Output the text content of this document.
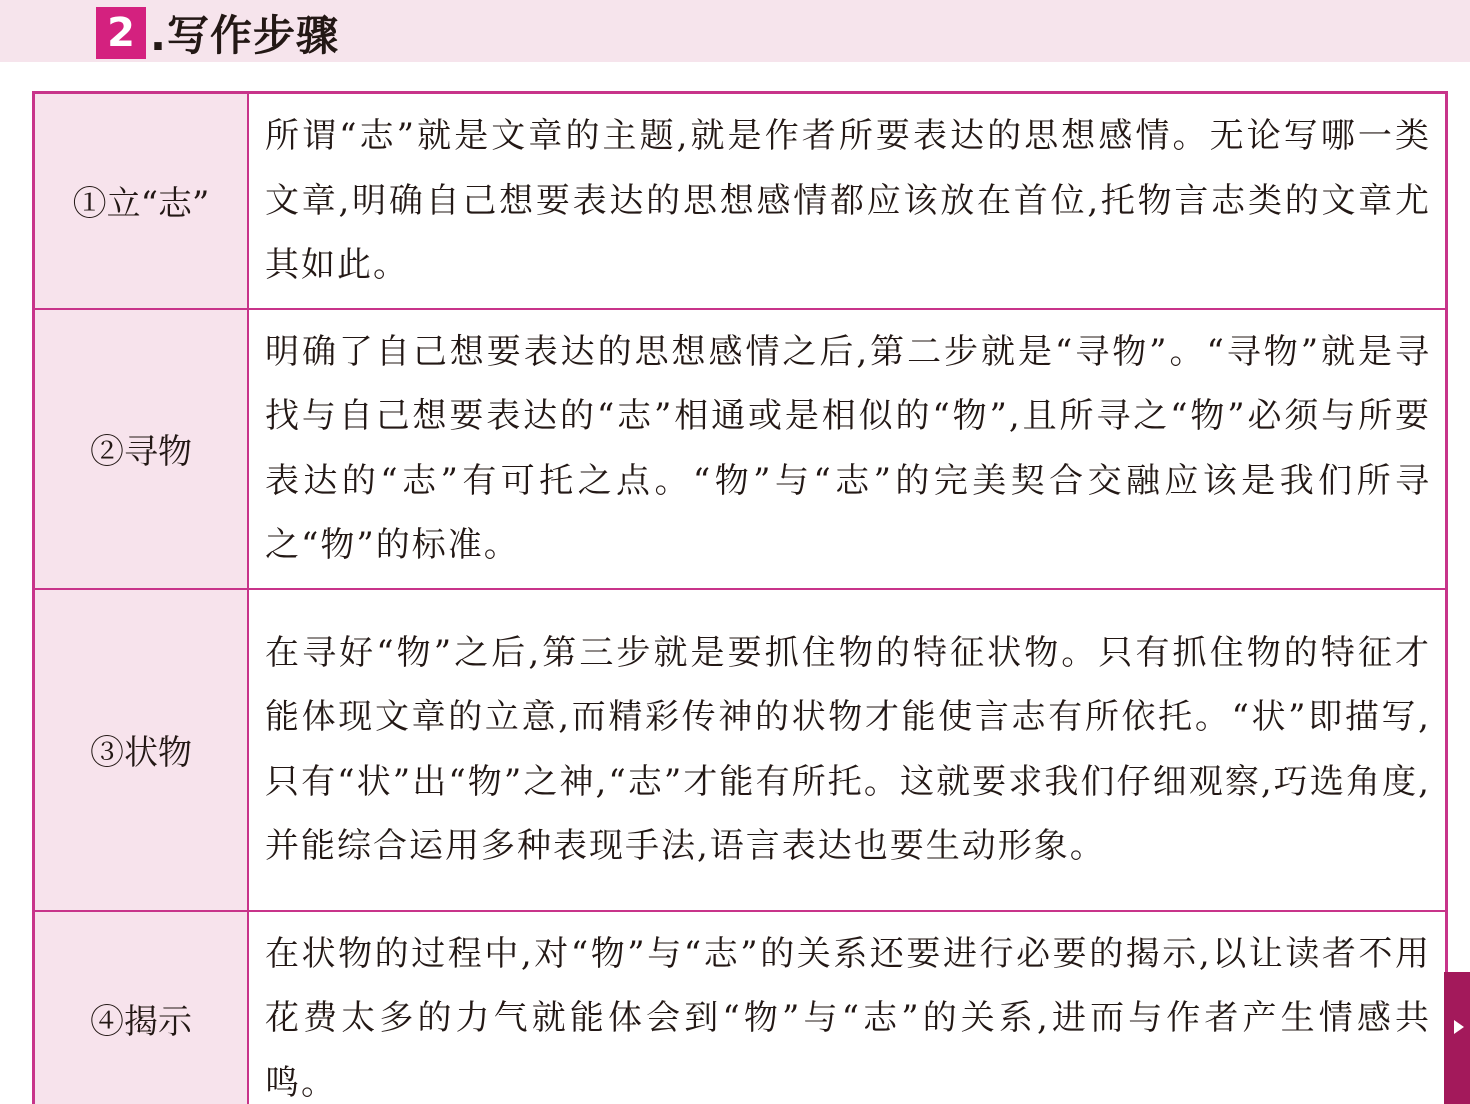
2 .写作步骤
①立“志”	所谓“志”就是文章的主题,就是作者所要表达的思想感情。无论写哪一类文章,明确自己想要表达的思想感情都应该放在首位,托物言志类的文章尤其如此。
②寻物	明确了自己想要表达的思想感情之后,第二步就是“寻物”。“寻物”就是寻找与自己想要表达的“志”相通或是相似的“物”,且所寻之“物”必须与所要表达的“志”有可托之点。“物”与“志”的完美契合交融应该是我们所寻之“物”的标准。
③状物	在寻好“物”之后,第三步就是要抓住物的特征状物。只有抓住物的特征才能体现文章的立意,而精彩传神的状物才能使言志有所依托。“状”即描写,只有“状”出“物”之神,“志”才能有所托。这就要求我们仔细观察,巧选角度,并能综合运用多种表现手法,语言表达也要生动形象。
④揭示	在状物的过程中,对“物”与“志”的关系还要进行必要的揭示,以让读者不用花费太多的力气就能体会到“物”与“志”的关系,进而与作者产生情感共鸣。
